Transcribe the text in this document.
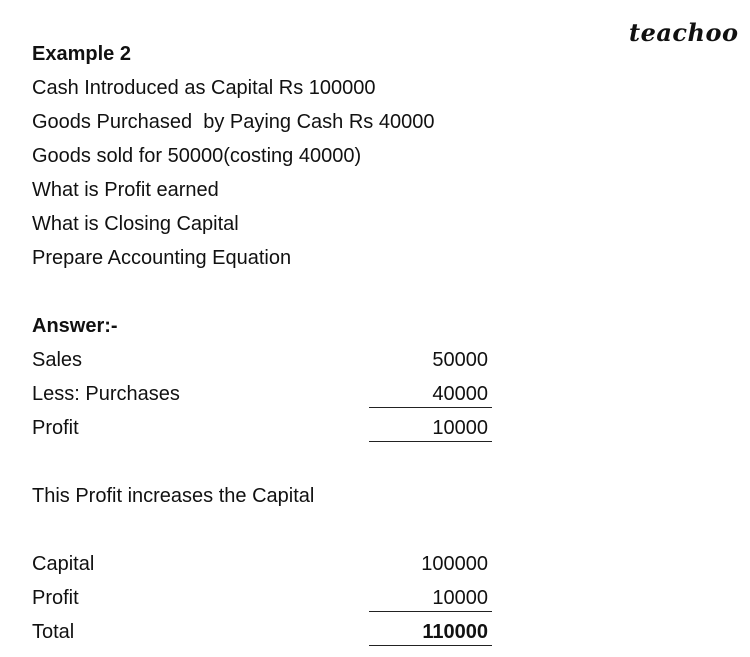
teachoo
Example 2
Cash Introduced as Capital Rs 100000
Goods Purchased  by Paying Cash Rs 40000
Goods sold for 50000(costing 40000)
What is Profit earned
What is Closing Capital
Prepare Accounting Equation
Answer:-
Sales	50000
Less: Purchases	40000
Profit	10000
This Profit increases the Capital
Capital	100000
Profit	10000
Total	110000
